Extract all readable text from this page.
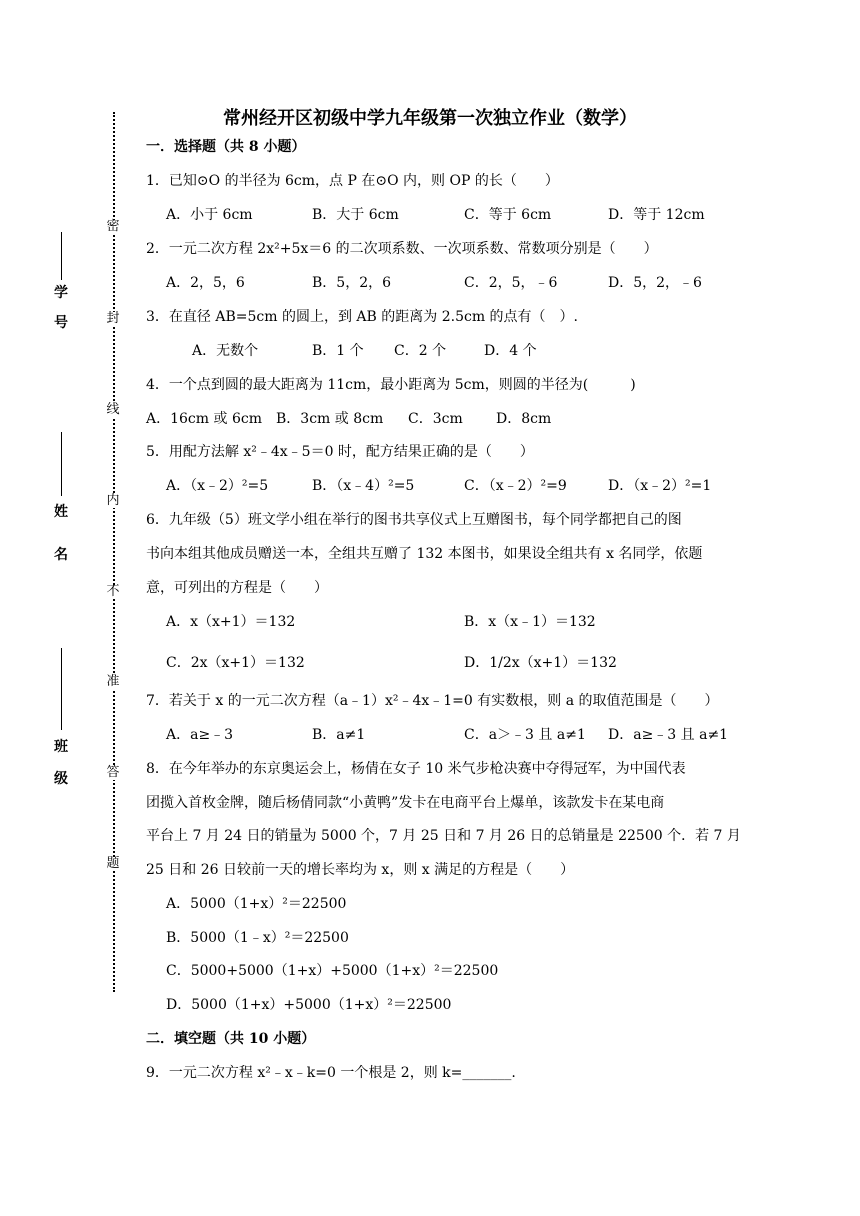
密
封
线
内
不
准
答
题
学
号
姓
名
班
级
常州经开区初级中学九年级第一次独立作业（数学）
一．选择题（共 8 小题）
1．已知⊙O 的半径为 6cm，点 P 在⊙O 内，则 OP 的长（　　）
A．小于 6cm	B．大于 6cm	C．等于 6cm	D．等于 12cm
2．一元二次方程 2x²+5x＝6 的二次项系数、一次项系数、常数项分别是（　　）
A．2，5，6	B．5，2，6	C．2，5，﹣6	D．5，2，﹣6
3．在直径 AB=5cm 的圆上，到 AB 的距离为 2.5cm 的点有（　）.
A．无数个	B．1 个 C．2 个	D．4 个
4．一个点到圆的最大距离为 11cm，最小距离为 5cm，则圆的半径为(　　　)
A．16cm 或 6cm B．3cm 或 8cm C．3cm D．8cm
5．用配方法解 x²﹣4x﹣5＝0 时，配方结果正确的是（　　）
A．（x﹣2）²=5	B．（x﹣4）²=5	C．（x﹣2）²=9	D．（x﹣2）²=1
6．九年级（5）班文学小组在举行的图书共享仪式上互赠图书，每个同学都把自己的图
书向本组其他成员赠送一本，全组共互赠了 132 本图书，如果设全组共有 x 名同学，依题
意，可列出的方程是（　　）
A．x（x+1）＝132	B．x（x﹣1）＝132
C．2x（x+1）＝132	D．1/2x（x+1）＝132
7．若关于 x 的一元二次方程（a﹣1）x²﹣4x﹣1=0 有实数根，则 a 的取值范围是（　　）
A．a≥﹣3	B．a≠1	C．a＞﹣3 且 a≠1 D．a≥﹣3 且 a≠1
8．在今年举办的东京奥运会上，杨倩在女子 10 米气步枪决赛中夺得冠军，为中国代表
团揽入首枚金牌，随后杨倩同款“小黄鸭”发卡在电商平台上爆单，该款发卡在某电商
平台上 7 月 24 日的销量为 5000 个，7 月 25 日和 7 月 26 日的总销量是 22500 个．若 7 月
25 日和 26 日较前一天的增长率均为 x，则 x 满足的方程是（　　）
A．5000（1+x）²＝22500
B．5000（1﹣x）²＝22500
C．5000+5000（1+x）+5000（1+x）²＝22500
D．5000（1+x）+5000（1+x）²＝22500
二．填空题（共 10 小题）
9．一元二次方程 x²﹣x﹣k=0 一个根是 2，则 k=_______.
